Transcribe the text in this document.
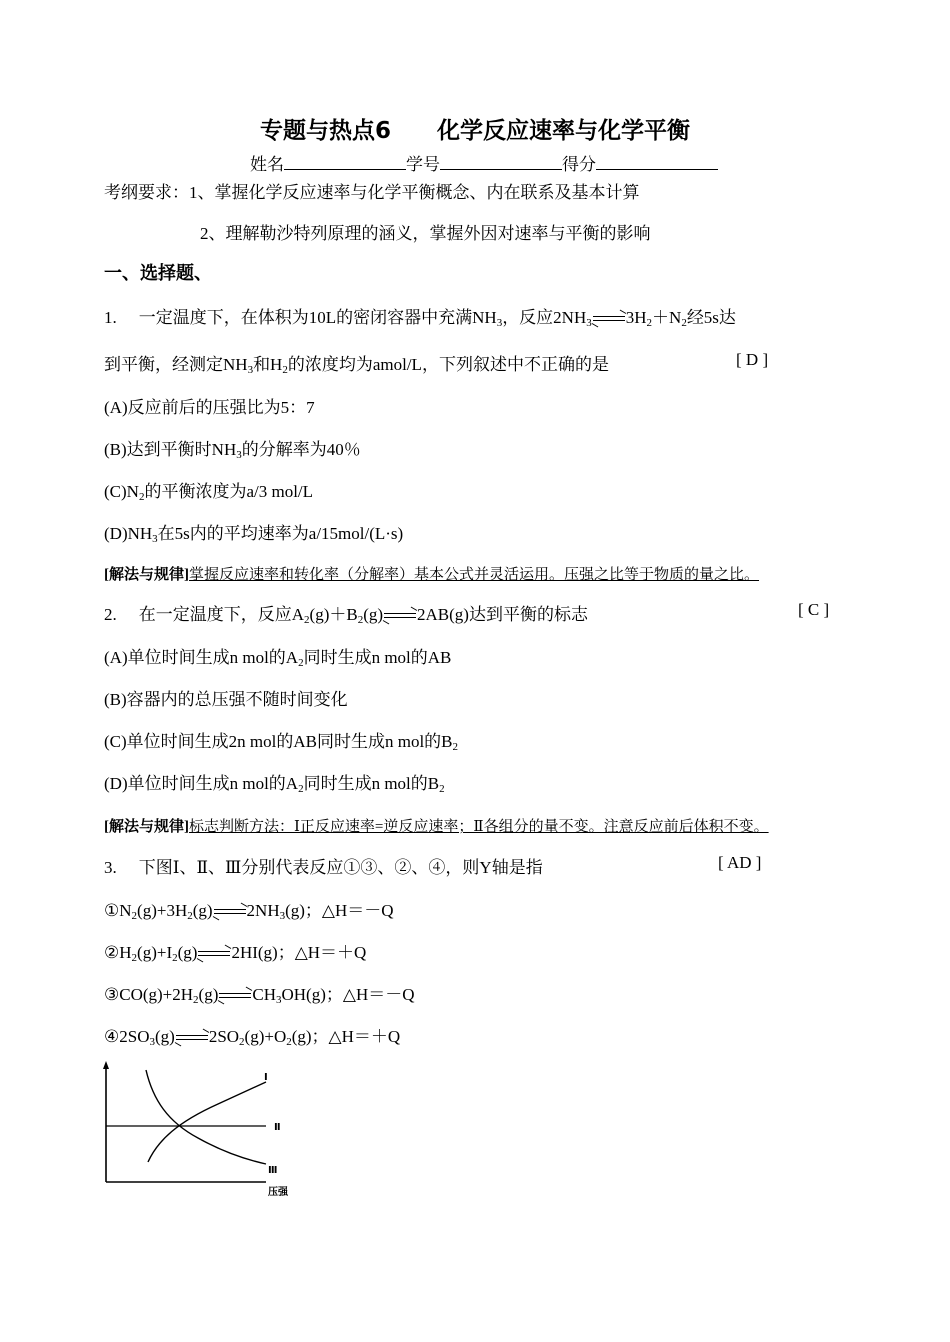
专题与热点6 化学反应速率与化学平衡
姓名	学号	得分
考纲要求：1、掌握化学反应速率与化学平衡概念、内在联系及基本计算
2、理解勒沙特列原理的涵义，掌握外因对速率与平衡的影响
一、选择题、
1. 一定温度下，在体积为10L的密闭容器中充满$NH_3$，反应$2NH_3$ $3H_2+N_2$经5s达
到平衡，经测定$NH_3$和$H_2$的浓度均为amol/L，下列叙述中不正确的是	[ D ]
(A)反应前后的压强比为5：7
(B)达到平衡时$NH_3$的分解率为40％
$(C)N_2$的平衡浓度为a/3 mol/L
$(D)NH_3$在5s内的平均速率为a/15mol/(L·s)
[解法与规律]掌握反应速率和转化率（分解率）基本公式并灵活运用。压强之比等于物质的量之比。
2. 在一定温度下，反应$A_2(g)+B_2(g)$ 2AB(g)达到平衡的标志	[ C ]
(A)单位时间生成n mol的$A_2$同时生成n mol的AB
(B)容器内的总压强不随时间变化
(C)单位时间生成2n mol的AB同时生成n mol的$B_2$
(D)单位时间生成n mol的$A_2$同时生成n mol的$B_2$
[解法与规律]标志判断方法：Ⅰ正反应速率=逆反应速率；Ⅱ各组分的量不变。注意反应前后体积不变。
3. 下图Ⅰ、Ⅱ、Ⅲ分别代表反应①③、②、④，则Y轴是指	[ AD ]
$①N_2(g)+3H_2(g)$ $2NH_3(g)$；△H＝－Q
$②H_2(g)+I_2(g)$ 2HI(g)；△H＝＋Q
$③CO(g)+2H_2(g)$ $CH_3OH(g)$；△H＝－Q
$④2SO_3(g)$ $2SO_2(g)+O_2(g)$；△H＝＋Q
Ⅰ
Ⅱ
Ⅲ
压强
